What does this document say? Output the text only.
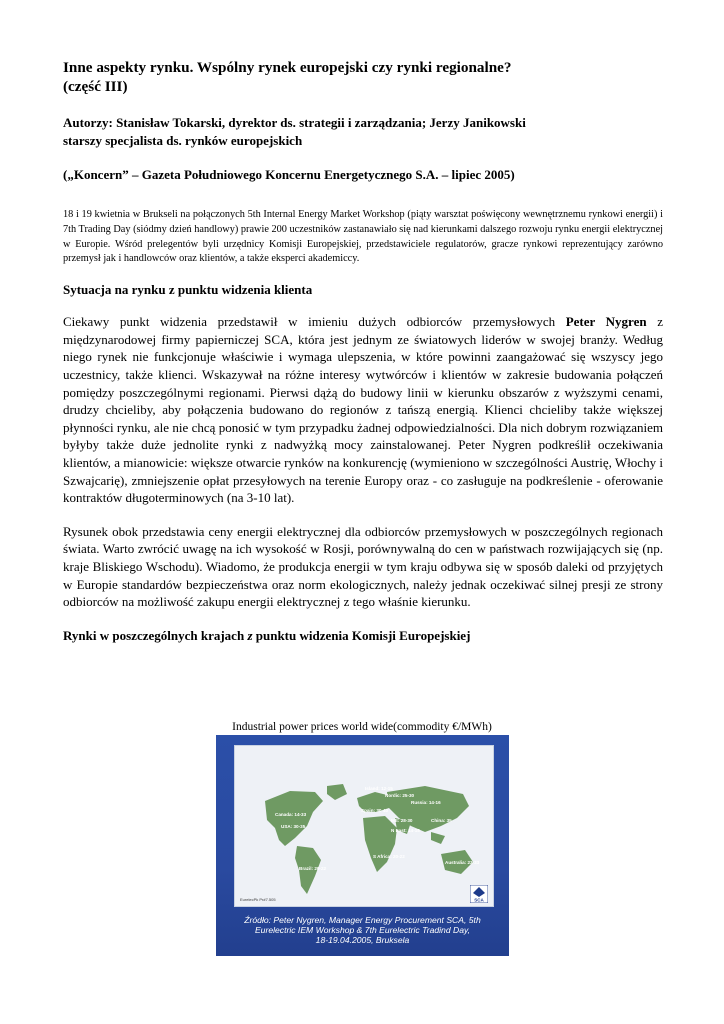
Inne aspekty rynku. Wspólny rynek europejski czy rynki regionalne?
(część III)

Autorzy: Stanisław Tokarski, dyrektor ds. strategii i zarządzania; Jerzy Janikowski
starszy specjalista ds. rynków europejskich

(„Koncern” – Gazeta Południowego Koncernu Energetycznego S.A. – lipiec 2005)

18 i 19 kwietnia w Brukseli na połączonych 5th Internal Energy Market Workshop (piąty warsztat poświęcony wewnętrznemu rynkowi energii) i 7th Trading Day (siódmy dzień handlowy) prawie 200 uczestników zastanawiało się nad kierunkami dalszego rozwoju rynku energii elektrycznej w Europie. Wśród prelegentów byli urzędnicy Komisji Europejskiej, przedstawiciele regulatorów, gracze rynkowi reprezentujący zarówno przemysł jak i handlowców oraz klientów, a także eksperci akademiccy.

Sytuacja na rynku z punktu widzenia klienta

Ciekawy punkt widzenia przedstawił w imieniu dużych odbiorców przemysłowych Peter Nygren z międzynarodowej firmy papierniczej SCA, która jest jednym ze światowych liderów w swojej branży. Według niego rynek nie funkcjonuje właściwie i wymaga ulepszenia, w które powinni zaangażować się wszyscy jego uczestnicy, także klienci. Wskazywał na różne interesy wytwórców i klientów w zakresie budowania połączeń pomiędzy poszczególnymi regionami. Pierwsi dążą do budowy linii w kierunku obszarów z wyższymi cenami, drudzy chcieliby, aby połączenia budowano do regionów z tańszą energią. Klienci chcieliby także większej płynności rynku, ale nie chcą ponosić w tym przypadku żadnej odpowiedzialności. Dla nich dobrym rozwiązaniem byłyby także duże jednolite rynki z nadwyżką mocy zainstalowanej. Peter Nygren podkreślił oczekiwania klientów, a mianowicie: większe otwarcie rynków na konkurencję (wymieniono w szczególności Austrię, Włochy i Szwajcarię), zmniejszenie opłat przesyłowych na terenie Europy oraz - co zasługuje na podkreślenie - oferowanie kontraktów długoterminowych (na 3-10 lat).

Rysunek obok przedstawia ceny energii elektrycznej dla odbiorców przemysłowych w poszczególnych regionach świata. Warto zwrócić uwagę na ich wysokość w Rosji, porównywalną do cen w państwach rozwijających się (np. kraje Bliskiego Wschodu). Wiadomo, że produkcja energii w tym kraju odbywa się w sposób daleki od przyjętych w Europie standardów bezpieczeństwa oraz norm ekologicznych, należy jednak oczekiwać silnej presji ze strony odbiorców na możliwość zakupu energii elektrycznej z tego właśnie kierunku.

Rynki w poszczególnych krajach z punktu widzenia Komisji Europejskiej

Industrial power prices world wide(commodity €/MWh)
Island: 12-15
Nordic: 25-30
Russia: 14-16
Canada: 14-33
Spain: 30-40
ME: 28-30
USA: 30-35
China: 35
N East: 14-15
S Africa: 20-22
Australia: 23-33
Brazil: 20-22
EurelecPk Pr#7.505	SCA
Źródło: Peter Nygren, Manager Energy Procurement SCA, 5th
Eurelectric IEM Workshop & 7th Eurelectric Tradind Day,
18-19.04.2005, Bruksela
